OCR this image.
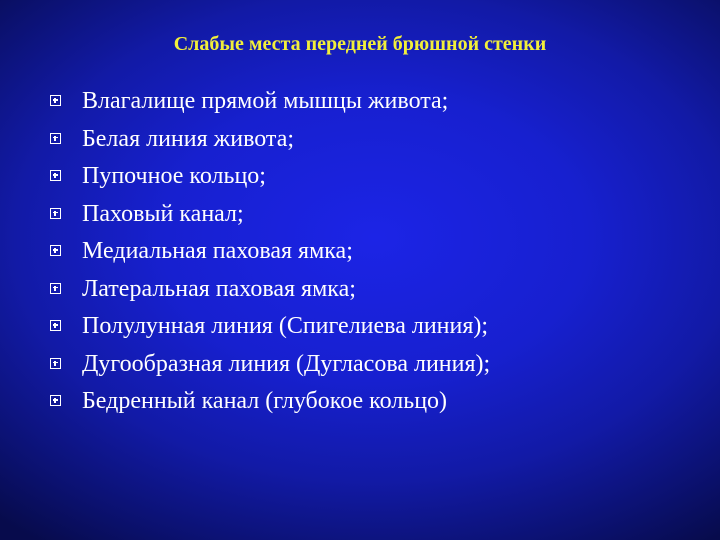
Слабые места передней брюшной стенки
Влагалище прямой мышцы живота;
Белая линия живота;
Пупочное кольцо;
Паховый канал;
Медиальная паховая ямка;
Латеральная паховая ямка;
Полулунная линия (Спигелиева линия);
Дугообразная линия (Дугласова линия);
Бедренный канал (глубокое кольцо)
